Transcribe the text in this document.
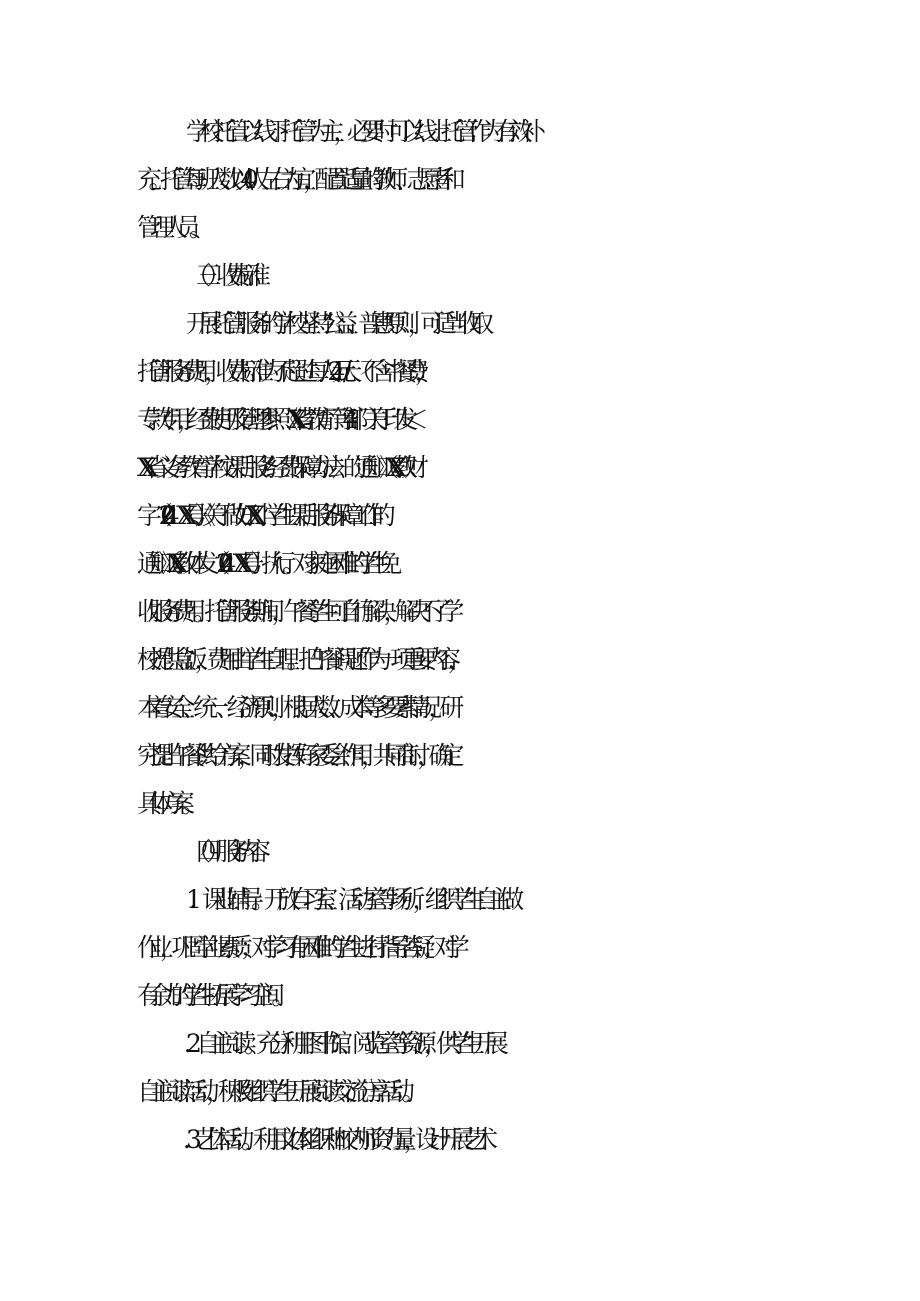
学校托管以线下托管为主，必要时可以线上托管作为有效补
充。托管每班人数以40人左右为宜，配置适量的教师、志愿者和
管理人员。
（三）收费标准
开展托管服务的学校坚持“公益、普惠”原则，可适当收取
托管服务费用，收费标准为不超过每人24元/天（不含中餐费），
专款专用，经费使用及管理参照《XX省教育厅等4部门关于印发＜
XX省义务教育学校课后服务经费保障办法〉的通知》（XX教财
字（2024）XX号）、《关于做好XX小学生课后服务保障工作的
通知》（XX教体发（2024）XX号）执行。对家庭困难的学生免
收服务费用。托管服务期间，午餐学生可自行解决，解决不了学
校提供盒饭，费用由学生自理。把午餐问题作为一项重要内容，
本着安全、统一、经济原则，根据人数、成本等多要素情况，研
究提出午餐供给方案，同时发挥好家委会作用，共同商讨，确定
具体方案。
（四）服务内容
1．课业辅导。开放自习室、活动室等场所，组织学生自主做
作业，巩固学业素质；对学习有困难的学生进行指导答疑；对学
有余力的学生拓展学习空间。
2 ．自主阅读。充分利用图书馆、阅览室等资源，供学生开展
自主阅读活动，积极组织学生开展阅读交流分享活动。
3 ．艺体活动。利用文体组织和校内师资力量，设计开展艺术
